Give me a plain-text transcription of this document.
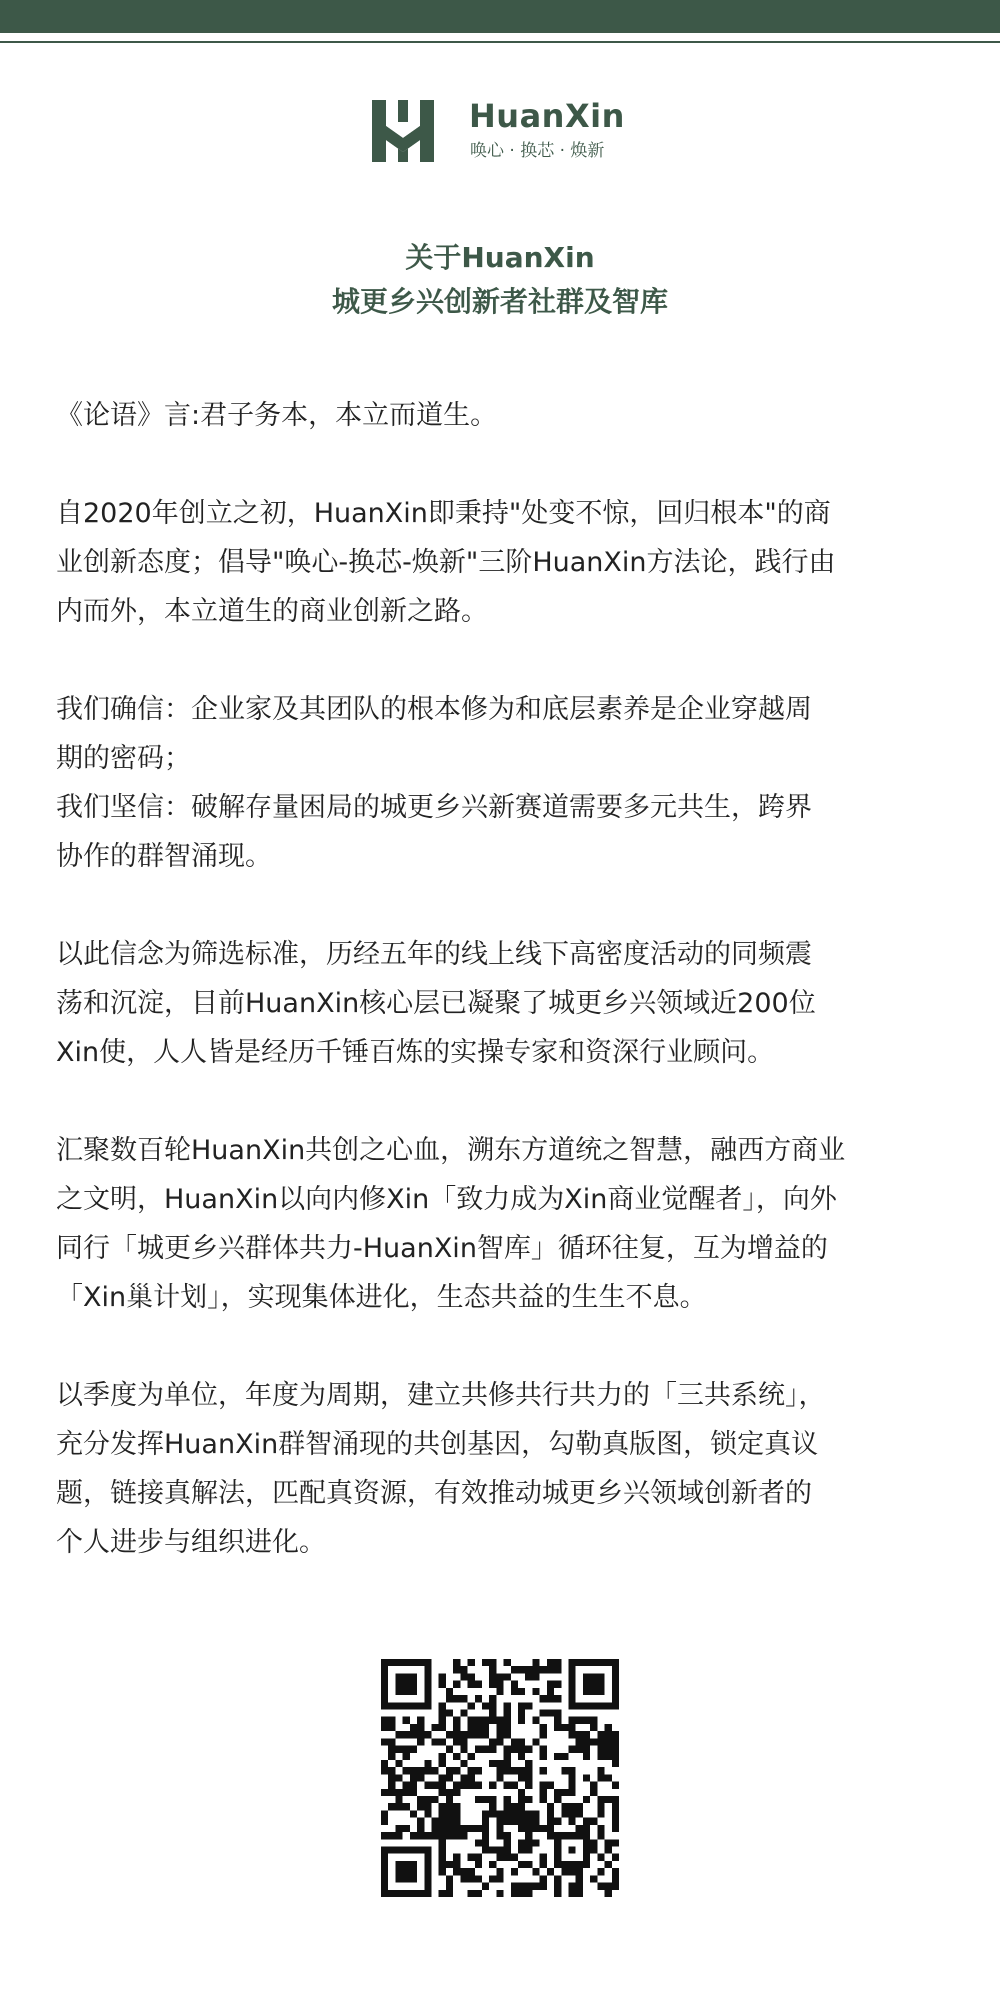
HuanXin
唤心 · 换芯 · 焕新
关于HuanXin
城更乡兴创新者社群及智库
《论语》言:君子务本，本立而道生。
自2020年创立之初，HuanXin即秉持"处变不惊，回归根本"的商
业创新态度；倡导"唤心-换芯-焕新"三阶HuanXin方法论，践行由
内而外，本立道生的商业创新之路。
我们确信：企业家及其团队的根本修为和底层素养是企业穿越周
期的密码；
我们坚信：破解存量困局的城更乡兴新赛道需要多元共生，跨界
协作的群智涌现。
以此信念为筛选标准，历经五年的线上线下高密度活动的同频震
荡和沉淀，目前HuanXin核心层已凝聚了城更乡兴领域近200位
Xin使，人人皆是经历千锤百炼的实操专家和资深行业顾问。
汇聚数百轮HuanXin共创之心血，溯东方道统之智慧，融西方商业
之文明，HuanXin以向内修Xin「致力成为Xin商业觉醒者」，向外
同行「城更乡兴群体共力-HuanXin智库」循环往复，互为增益的
「Xin巢计划」，实现集体进化，生态共益的生生不息。
以季度为单位，年度为周期，建立共修共行共力的「三共系统」，
充分发挥HuanXin群智涌现的共创基因，勾勒真版图，锁定真议
题，链接真解法，匹配真资源，有效推动城更乡兴领域创新者的
个人进步与组织进化。
